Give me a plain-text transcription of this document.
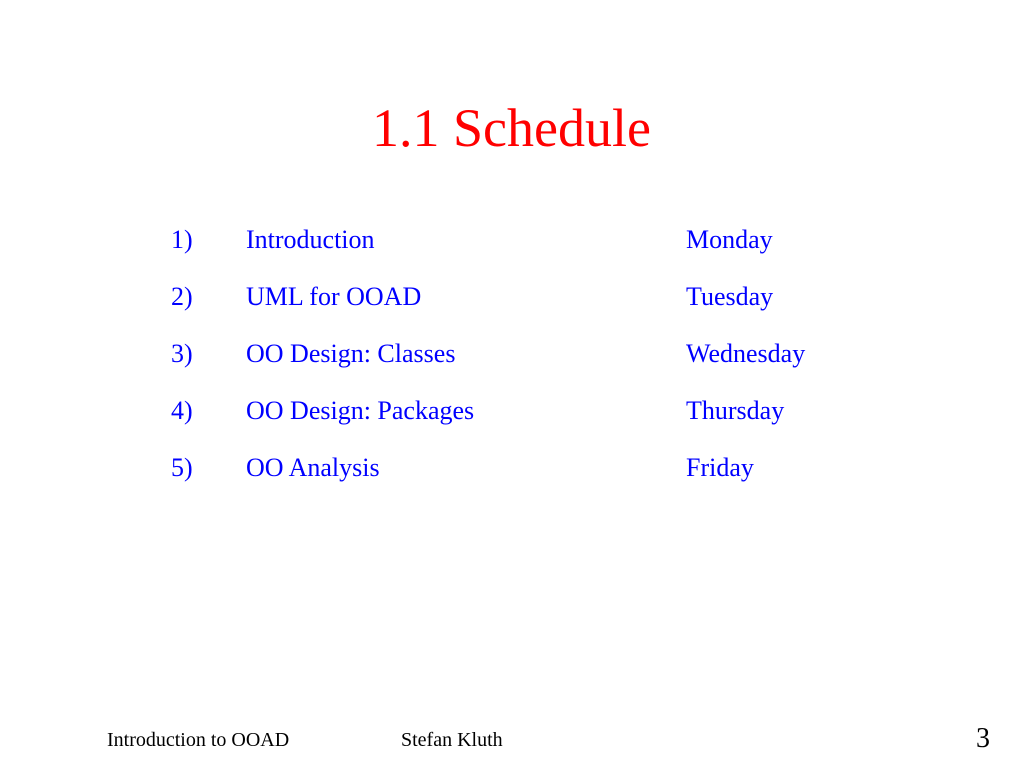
1.1 Schedule
1) Introduction	Monday
2) UML for OOAD	Tuesday
3) OO Design: Classes	Wednesday
4) OO Design: Packages	Thursday
5) OO Analysis	Friday
Introduction to OOAD	Stefan Kluth	3
